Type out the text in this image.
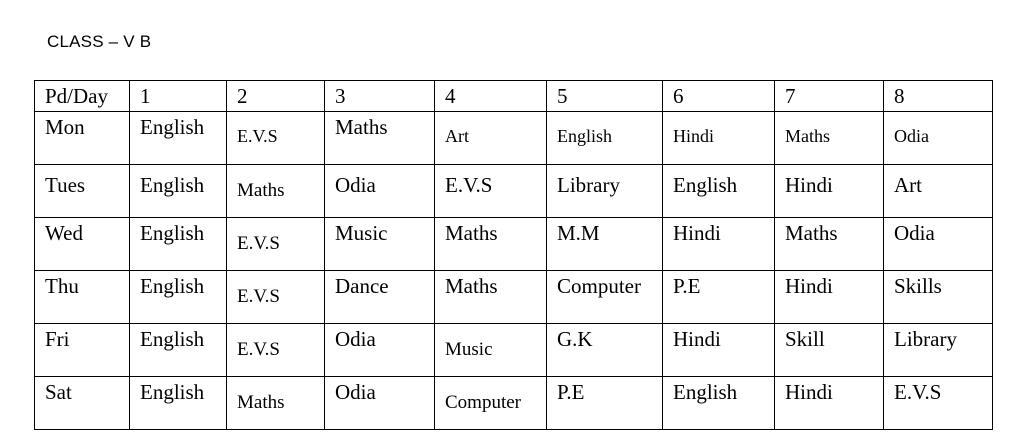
CLASS – V B
Pd/Day	1	2	3	4	5	6	7	8

Mon	English	E.V.S	Maths	Art	English	Hindi	Maths	Odia

Tues	English	Maths	Odia	E.V.S	Library	English	Hindi	Art

Wed	English	E.V.S	Music	Maths	M.M	Hindi	Maths	Odia

Thu	English	E.V.S	Dance	Maths	Computer	P.E	Hindi	Skills

Fri	English	E.V.S	Odia	Music	G.K	Hindi	Skill	Library

Sat	English	Maths	Odia	Computer	P.E	English	Hindi	E.V.S
